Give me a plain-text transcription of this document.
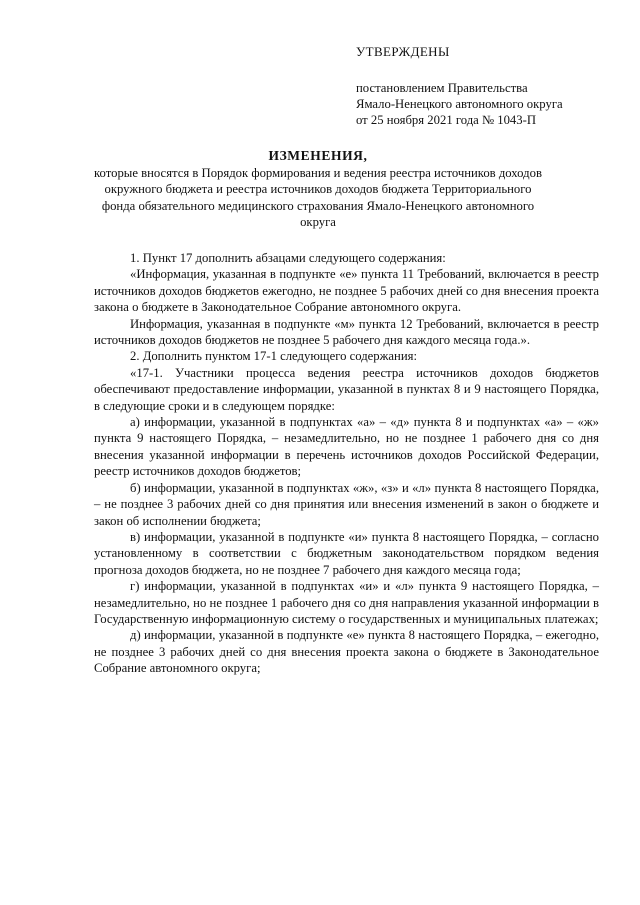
УТВЕРЖДЕНЫ
постановлением Правительства
Ямало-Ненецкого автономного округа
от 25 ноября 2021 года № 1043-П
ИЗМЕНЕНИЯ,
которые вносятся в Порядок формирования и ведения реестра источников доходов окружного бюджета и реестра источников доходов бюджета Территориального фонда обязательного медицинского страхования Ямало-Ненецкого автономного округа

1. Пункт 17 дополнить абзацами следующего содержания:

«Информация, указанная в подпункте «е» пункта 11 Требований, включается в реестр источников доходов бюджетов ежегодно, не позднее 5 рабочих дней со дня внесения проекта закона о бюджете в Законодательное Собрание автономного округа.

Информация, указанная в подпункте «м» пункта 12 Требований, включается в реестр источников доходов бюджетов не позднее 5 рабочего дня каждого месяца года.».

2. Дополнить пунктом 17-1 следующего содержания:

«17-1. Участники процесса ведения реестра источников доходов бюджетов обеспечивают предоставление информации, указанной в пунктах 8 и 9 настоящего Порядка, в следующие сроки и в следующем порядке:

а) информации, указанной в подпунктах «а» – «д» пункта 8 и подпунктах «а» – «ж» пункта 9 настоящего Порядка, – незамедлительно, но не позднее 1 рабочего дня со дня внесения указанной информации в перечень источников доходов Российской Федерации, реестр источников доходов бюджетов;

б) информации, указанной в подпунктах «ж», «з» и «л» пункта 8 настоящего Порядка, – не позднее 3 рабочих дней со дня принятия или внесения изменений в закон о бюджете и закон об исполнении бюджета;

в) информации, указанной в подпункте «и» пункта 8 настоящего Порядка, – согласно установленному в соответствии с бюджетным законодательством порядком ведения прогноза доходов бюджета, но не позднее 7 рабочего дня каждого месяца года;

г) информации, указанной в подпунктах «и» и «л» пункта 9 настоящего Порядка, – незамедлительно, но не позднее 1 рабочего дня со дня направления указанной информации в Государственную информационную систему о государственных и муниципальных платежах;

д) информации, указанной в подпункте «е» пункта 8 настоящего Порядка, – ежегодно, не позднее 3 рабочих дней со дня внесения проекта закона о бюджете в Законодательное Собрание автономного округа;
